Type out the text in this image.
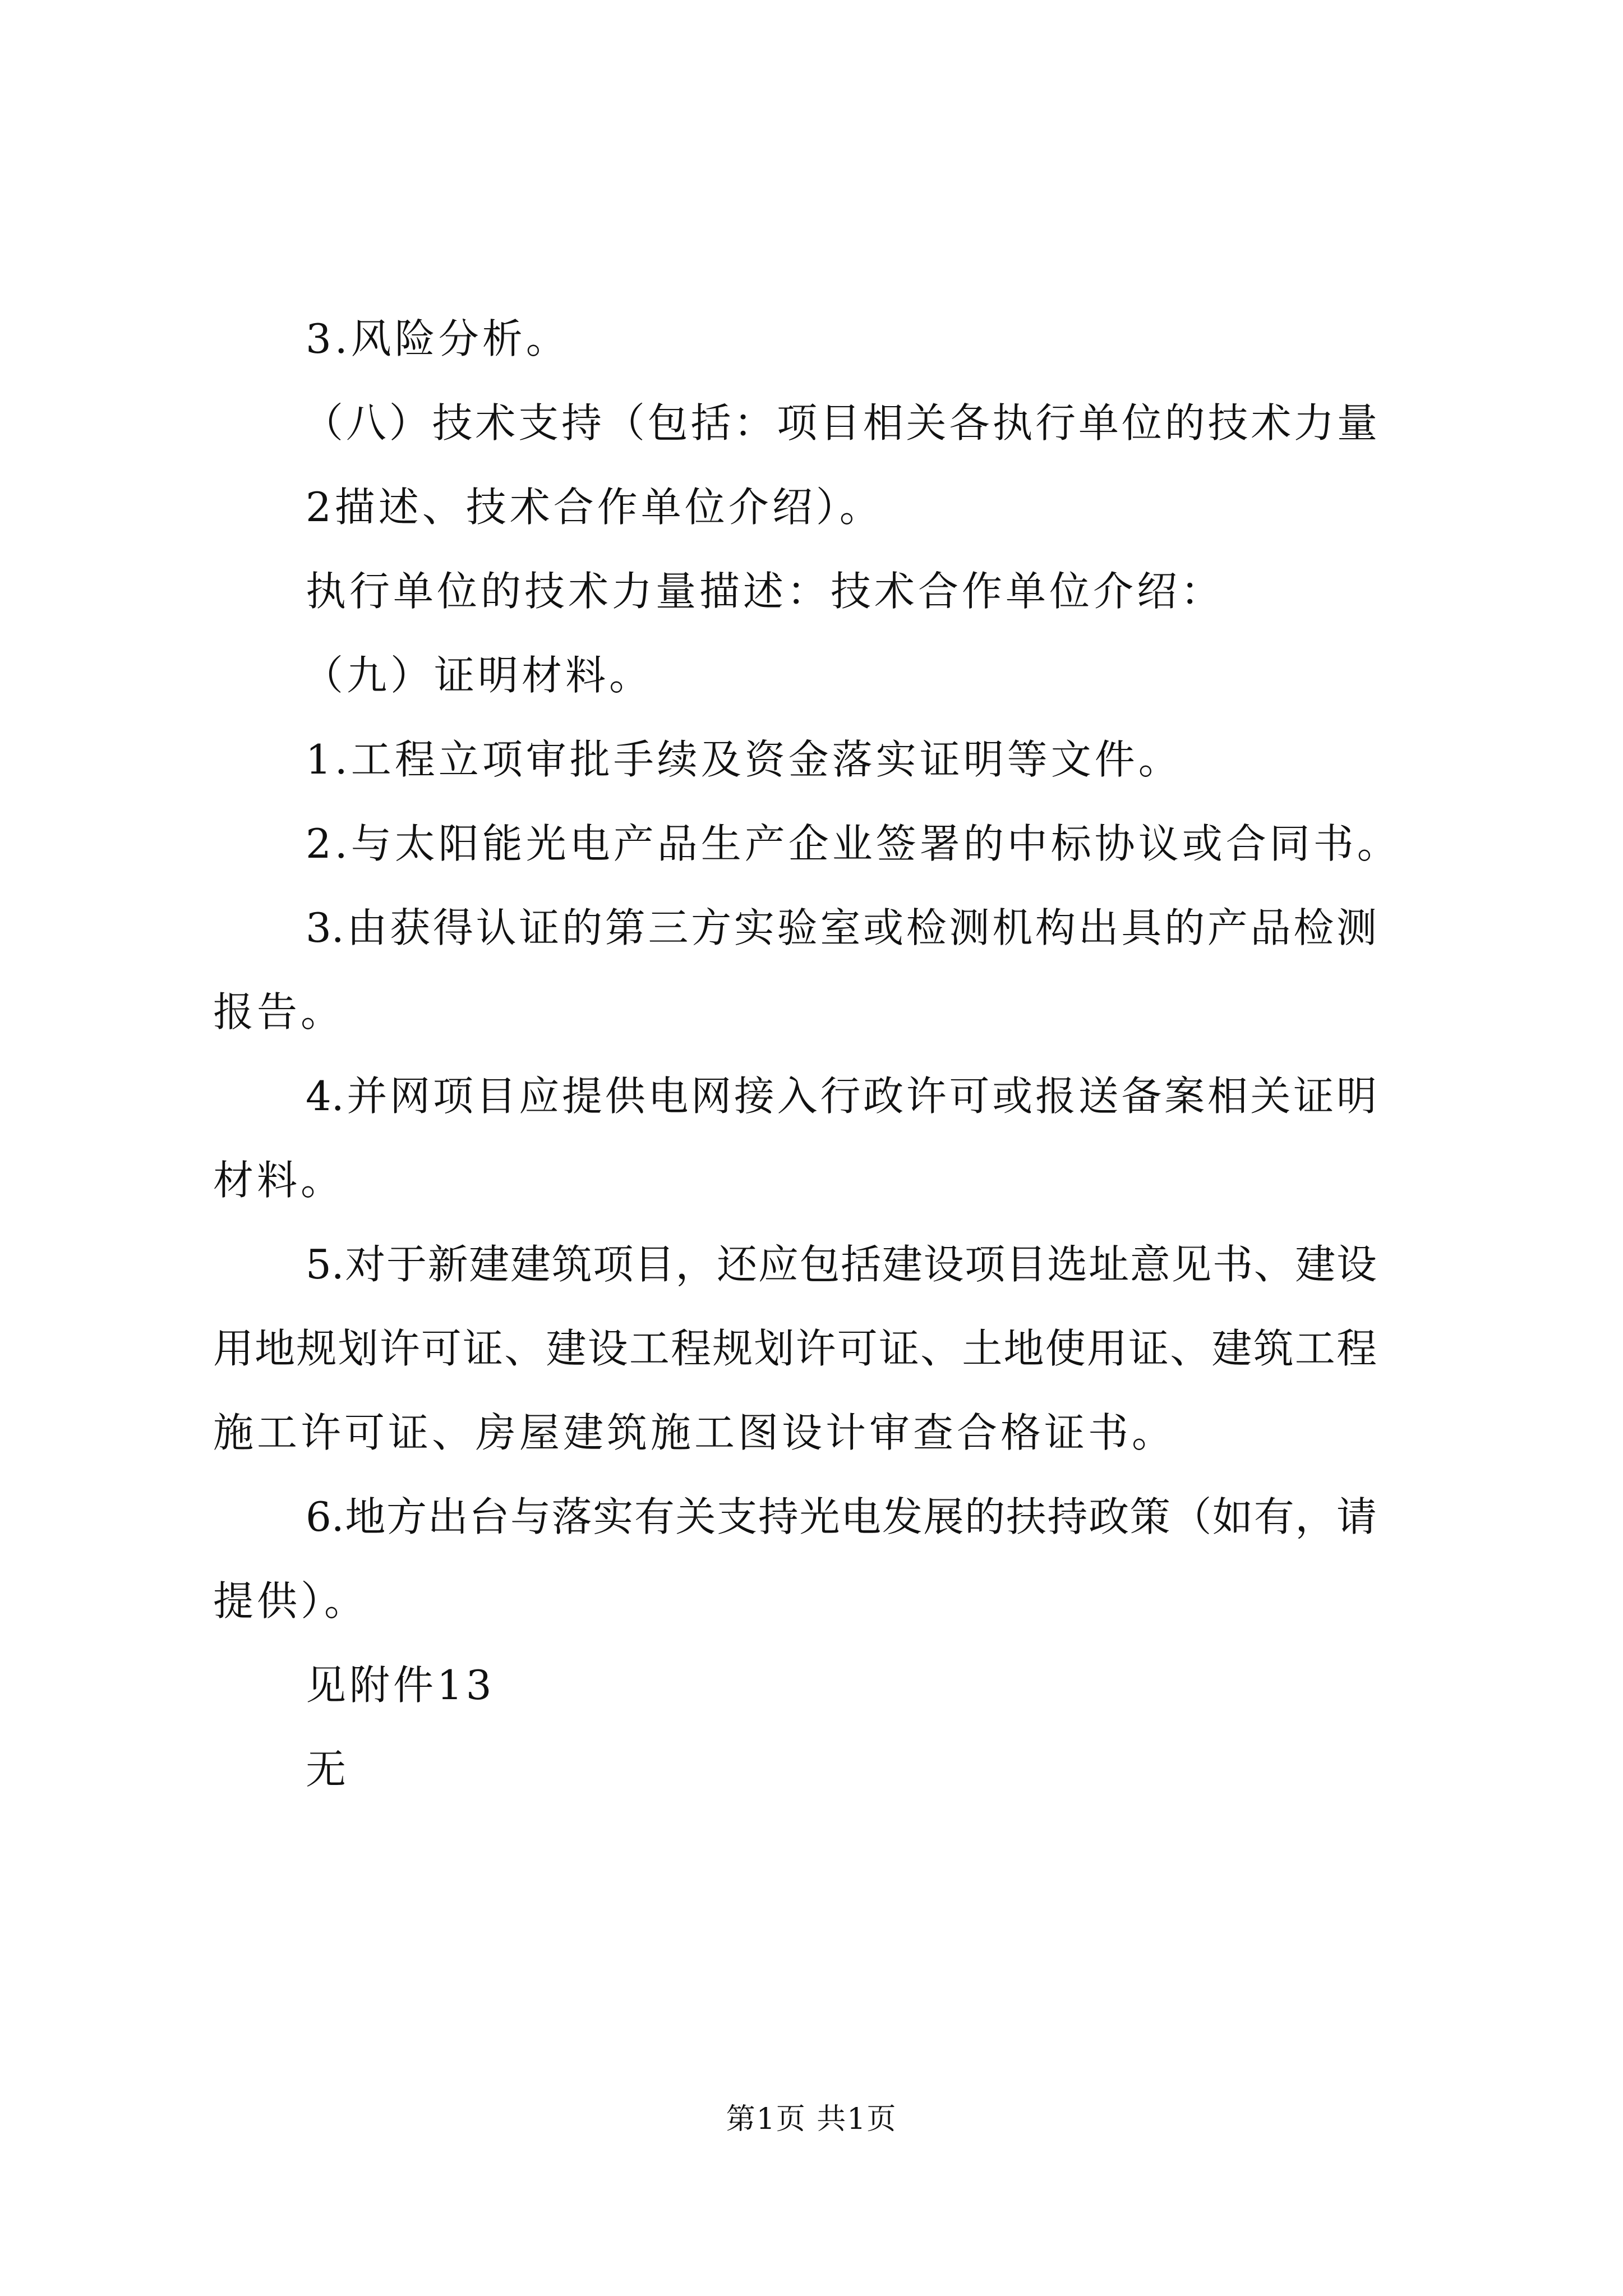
3.风险分析。

（八）技术支持（包括：项目相关各执行单位的技术力量

2描述、技术合作单位介绍）。

执行单位的技术力量描述：技术合作单位介绍：

（九）证明材料。

1.工程立项审批手续及资金落实证明等文件。

2.与太阳能光电产品生产企业签署的中标协议或合同书。

3.由获得认证的第三方实验室或检测机构出具的产品检测

报告。

4.并网项目应提供电网接入行政许可或报送备案相关证明

材料。

5.对于新建建筑项目，还应包括建设项目选址意见书、建设

用地规划许可证、建设工程规划许可证、土地使用证、建筑工程

施工许可证、房屋建筑施工图设计审查合格证书。

6.地方出台与落实有关支持光电发展的扶持政策（如有，请

提供）。

见附件13

无

第1页 共1页
